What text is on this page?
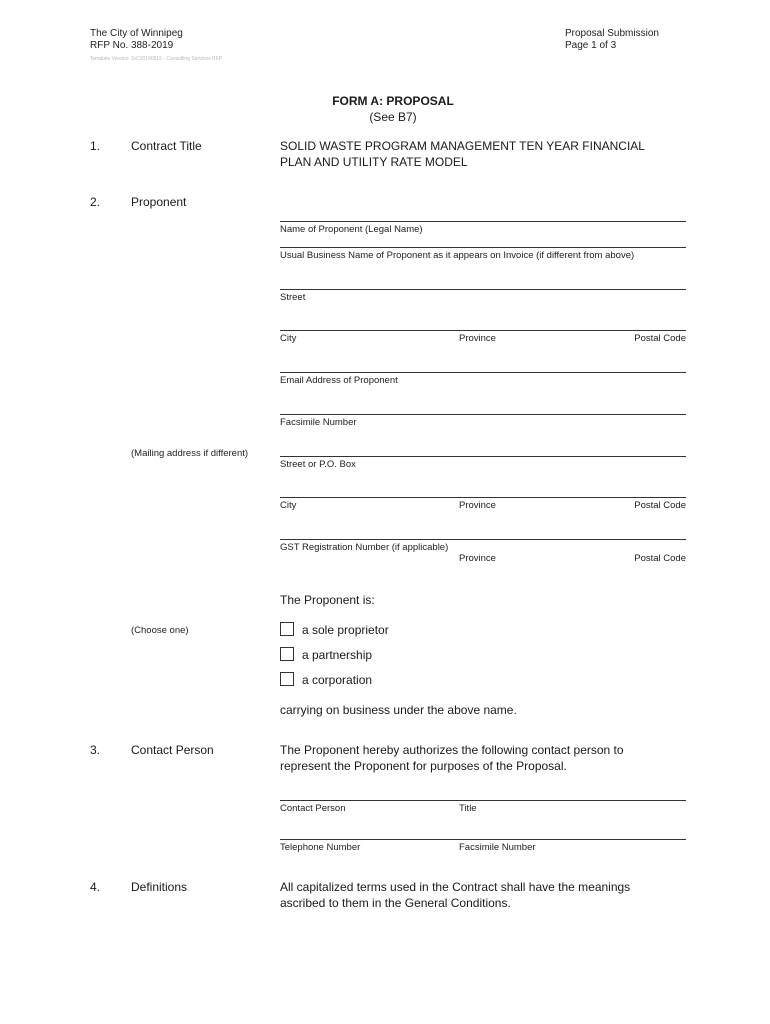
The City of Winnipeg
RFP No. 388-2019
Template Version: SrC20190515 - Consulting Services RFP
Proposal Submission
Page 1 of 3
FORM A: PROPOSAL
(See B7)
1.	Contract Title	SOLID WASTE PROGRAM MANAGEMENT TEN YEAR FINANCIAL
PLAN AND UTILITY RATE MODEL
2.	Proponent
Name of Proponent (Legal Name)
Usual Business Name of Proponent as it appears on Invoice (if different from above)
Street
City	Province	Postal Code
Email Address of Proponent
Facsimile Number
(Mailing address if different)
Street or P.O. Box
City	Province	Postal Code
GST Registration Number (if applicable)
Province	Postal Code
The Proponent is:
(Choose one)	a sole proprietor
a partnership
a corporation
carrying on business under the above name.
3.	Contact Person	The Proponent hereby authorizes the following contact person to
represent the Proponent for purposes of the Proposal.
Contact Person	Title
Telephone Number	Facsimile Number
4.	Definitions	All capitalized terms used in the Contract shall have the meanings
ascribed to them in the General Conditions.
